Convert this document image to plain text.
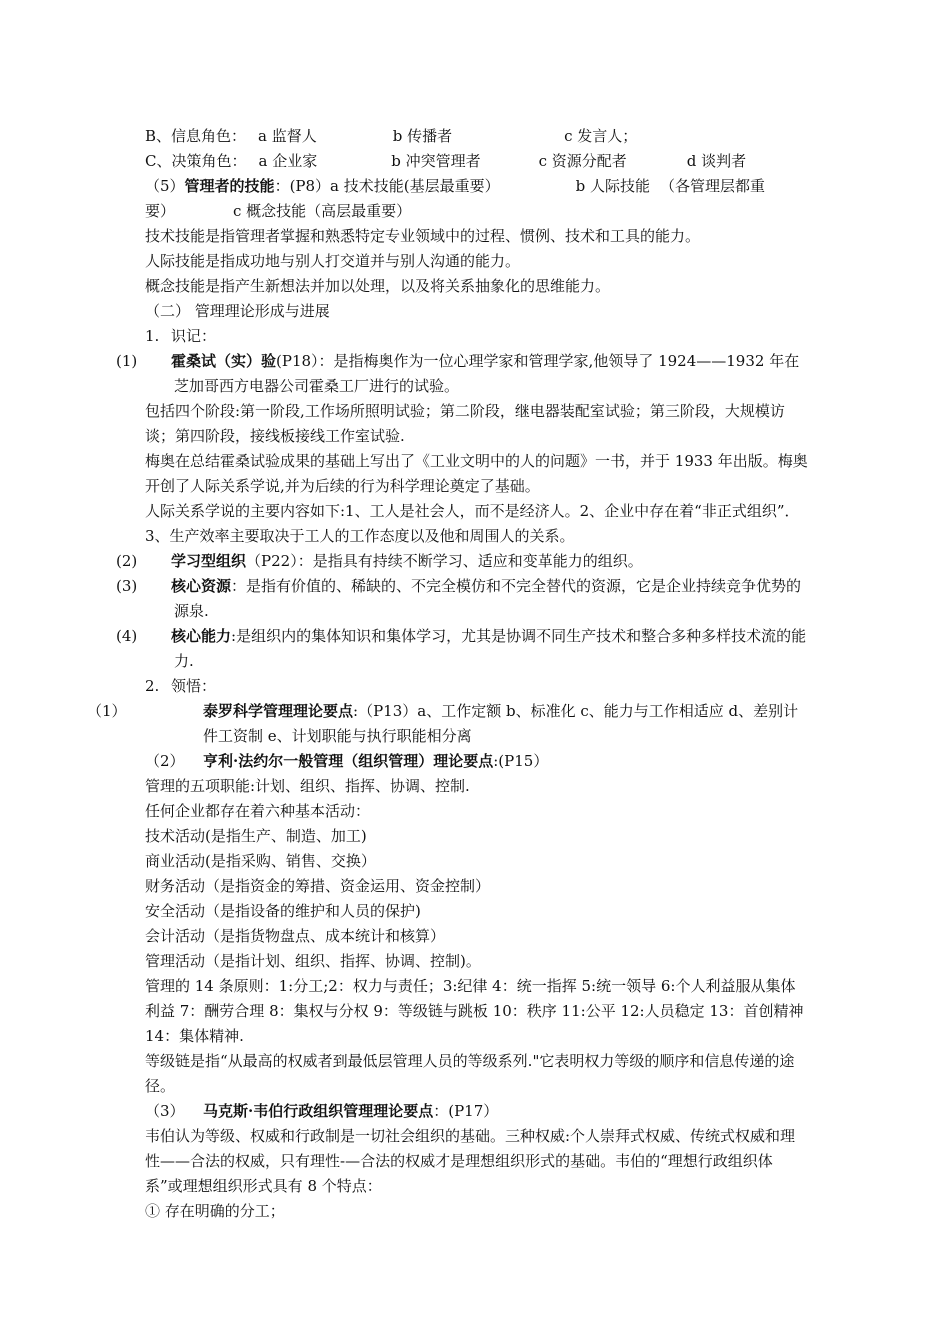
B、信息角色： a 监督人	b 传播者	c 发言人；

C、决策角色： a 企业家	b 冲突管理者	c 资源分配者	d 谈判者

（5）管理者的技能：(P8）a 技术技能(基层最重要）	b 人际技能 （各管理层都重

要）	c 概念技能（高层最重要）

技术技能是指管理者掌握和熟悉特定专业领域中的过程、惯例、技术和工具的能力。

人际技能是指成功地与别人打交道并与别人沟通的能力。

概念技能是指产生新想法并加以处理，以及将关系抽象化的思维能力。

（二） 管理理论形成与进展

1. 识记：

(1) 霍桑试（实）验(P18）：是指梅奥作为一位心理学家和管理学家,他领导了 1924——1932 年在芝加哥西方电器公司霍桑工厂进行的试验。

包括四个阶段:第一阶段,工作场所照明试验；第二阶段，继电器装配室试验；第三阶段，大规模访谈；第四阶段，接线板接线工作室试验.

梅奥在总结霍桑试验成果的基础上写出了《工业文明中的人的问题》一书，并于 1933 年出版。梅奥开创了人际关系学说,并为后续的行为科学理论奠定了基础。

人际关系学说的主要内容如下:1、工人是社会人，而不是经济人。2、企业中存在着“非正式组织”．3、生产效率主要取决于工人的工作态度以及他和周围人的关系。

(2) 学习型组织（P22）：是指具有持续不断学习、适应和变革能力的组织。

(3) 核心资源：是指有价值的、稀缺的、不完全模仿和不完全替代的资源，它是企业持续竞争优势的源泉.

(4) 核心能力:是组织内的集体知识和集体学习，尤其是协调不同生产技术和整合多种多样技术流的能力.

2. 领悟：

（1）	泰罗科学管理理论要点:（P13）a、工作定额 b、标准化 c、能力与工作相适应 d、差别计件工资制 e、计划职能与执行职能相分离

（2） 亨利·法约尔一般管理（组织管理）理论要点:(P15）

管理的五项职能:计划、组织、指挥、协调、控制.

任何企业都存在着六种基本活动：

技术活动(是指生产、制造、加工)

商业活动(是指采购、销售、交换）

财务活动（是指资金的筹措、资金运用、资金控制）

安全活动（是指设备的维护和人员的保护)

会计活动（是指货物盘点、成本统计和核算）

管理活动（是指计划、组织、指挥、协调、控制)。

管理的 14 条原则：1:分工;2：权力与责任；3:纪律 4：统一指挥 5:统一领导 6:个人利益服从集体利益 7：酬劳合理 8：集权与分权 9：等级链与跳板 10：秩序 11:公平 12:人员稳定 13：首创精神 14：集体精神.

等级链是指“从最高的权威者到最低层管理人员的等级系列."它表明权力等级的顺序和信息传递的途径。

（3） 马克斯·韦伯行政组织管理理论要点：(P17）

韦伯认为等级、权威和行政制是一切社会组织的基础。三种权威:个人崇拜式权威、传统式权威和理性——合法的权威，只有理性-—合法的权威才是理想组织形式的基础。韦伯的“理想行政组织体系”或理想组织形式具有 8 个特点：

① 存在明确的分工；
